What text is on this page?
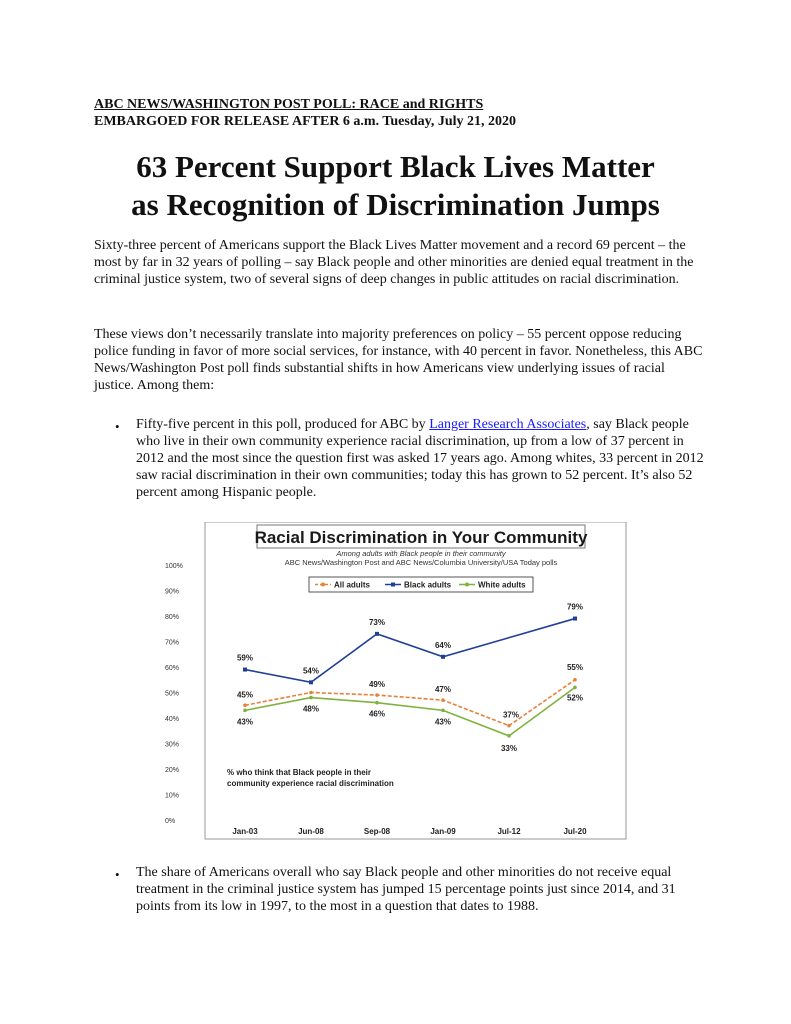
ABC NEWS/WASHINGTON POST POLL: RACE and RIGHTS
EMBARGOED FOR RELEASE AFTER 6 a.m. Tuesday, July 21, 2020
63 Percent Support Black Lives Matter
as Recognition of Discrimination Jumps
Sixty-three percent of Americans support the Black Lives Matter movement and a record 69 percent – the most by far in 32 years of polling – say Black people and other minorities are denied equal treatment in the criminal justice system, two of several signs of deep changes in public attitudes on racial discrimination.
These views don’t necessarily translate into majority preferences on policy – 55 percent oppose reducing police funding in favor of more social services, for instance, with 40 percent in favor. Nonetheless, this ABC News/Washington Post poll finds substantial shifts in how Americans view underlying issues of racial justice. Among them:
• Fifty-five percent in this poll, produced for ABC by Langer Research Associates, say Black people who live in their own community experience racial discrimination, up from a low of 37 percent in 2012 and the most since the question first was asked 17 years ago. Among whites, 33 percent in 2012 saw racial discrimination in their own communities; today this has grown to 52 percent. It’s also 52 percent among Hispanic people.
Racial Discrimination in Your Community
Among adults with Black people in their community
ABC News/Washington Post and ABC News/Columbia University/USA Today polls
All adults	Black adults	White adults
0%
10%
20%
30%
40%
50%
60%
70%
80%
90%
100%
Jan-03	Jun-08	Sep-08	Jan-09	Jul-12	Jul-20
45%
49%
47%
37%
55%
59%
54%
73%
64%
79%
43%
48%
46%
43%
33%
52%
% who think that Black people in their
community experience racial discrimination
• The share of Americans overall who say Black people and other minorities do not receive equal treatment in the criminal justice system has jumped 15 percentage points just since 2014, and 31 points from its low in 1997, to the most in a question that dates to 1988.
